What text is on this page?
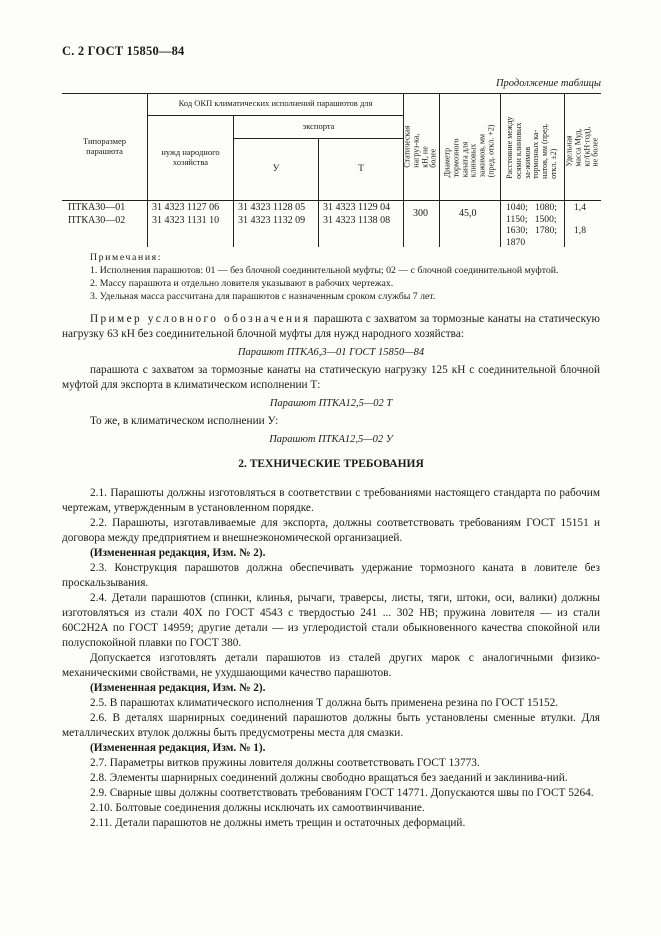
С. 2 ГОСТ 15850—84
Продолжение таблицы
Типоразмер парашюта
Код ОКП климатических исполнений парашютов для
нужд народного хозяйства
экспорта
У	Т
Статическая нагруз-ка, кН, не более Диаметр тормозного каната для клиновых зажимов, мм (пред. откл. +2) Расстояние между осями клиновых за-жимов тормозных ка-натов, мм (пред. откл. ±2) Удельная масса Mуд, кг/(кН·год), не более
ПТКА30—01
ПТКА30—02
31 4323 1127 06
31 4323 1131 10
31 4323 1128 05
31 4323 1132 09
31 4323 1129 04
31 4323 1138 08
300	45,0
1040;   1080;
1150;   1500;
1630;   1780;
1870
1,4

1,8
Примечания:
1. Исполнения парашютов: 01 — без блочной соединительной муфты; 02 — с блочной соединительной муфтой.
2. Массу парашюта и отдельно ловителя указывают в рабочих чертежах.
3. Удельная масса рассчитана для парашютов с назначенным сроком службы 7 лет.
Пример условного обозначения парашюта с захватом за тормозные канаты на статическую нагрузку 63 кН без соединительной блочной муфты для нужд народного хозяйства:
Парашют ПТКА6,3—01 ГОСТ 15850—84
парашюта с захватом за тормозные канаты на статическую нагрузку 125 кН с соединительной блочной муфтой для экспорта в климатическом исполнении Т:
Парашют ПТКА12,5—02 Т
То же, в климатическом исполнении У:
Парашют ПТКА12,5—02 У
2. ТЕХНИЧЕСКИЕ ТРЕБОВАНИЯ
2.1. Парашюты должны изготовляться в соответствии с требованиями настоящего стандарта по рабочим чертежам, утвержденным в установленном порядке.
2.2. Парашюты, изготавливаемые для экспорта, должны соответствовать требованиям ГОСТ 15151 и договора между предприятием и внешнеэкономической организацией.
(Измененная редакция, Изм. № 2).
2.3. Конструкция парашютов должна обеспечивать удержание тормозного каната в ловителе без проскальзывания.
2.4. Детали парашютов (спинки, клинья, рычаги, траверсы, листы, тяги, штоки, оси, валики) должны изготовляться из стали 40Х по ГОСТ 4543 с твердостью 241 ... 302 НВ; пружина ловителя — из стали 60С2Н2А по ГОСТ 14959; другие детали — из углеродистой стали обыкновенного качества спокойной или полуспокойной плавки по ГОСТ 380.
Допускается изготовлять детали парашютов из сталей других марок с аналогичными физико-механическими свойствами, не ухудшающими качество парашютов.
(Измененная редакция, Изм. № 2).
2.5. В парашютах климатического исполнения Т должна быть применена резина по ГОСТ 15152.
2.6. В деталях шарнирных соединений парашютов должны быть установлены сменные втулки. Для металлических втулок должны быть предусмотрены места для смазки.
(Измененная редакция, Изм. № 1).
2.7. Параметры витков пружины ловителя должны соответствовать ГОСТ 13773.
2.8. Элементы шарнирных соединений должны свободно вращаться без заеданий и заклинива-ний.
2.9. Сварные швы должны соответствовать требованиям ГОСТ 14771. Допускаются швы по ГОСТ 5264.
2.10. Болтовые соединения должны исключать их самоотвинчивание.
2.11. Детали парашютов не должны иметь трещин и остаточных деформаций.
